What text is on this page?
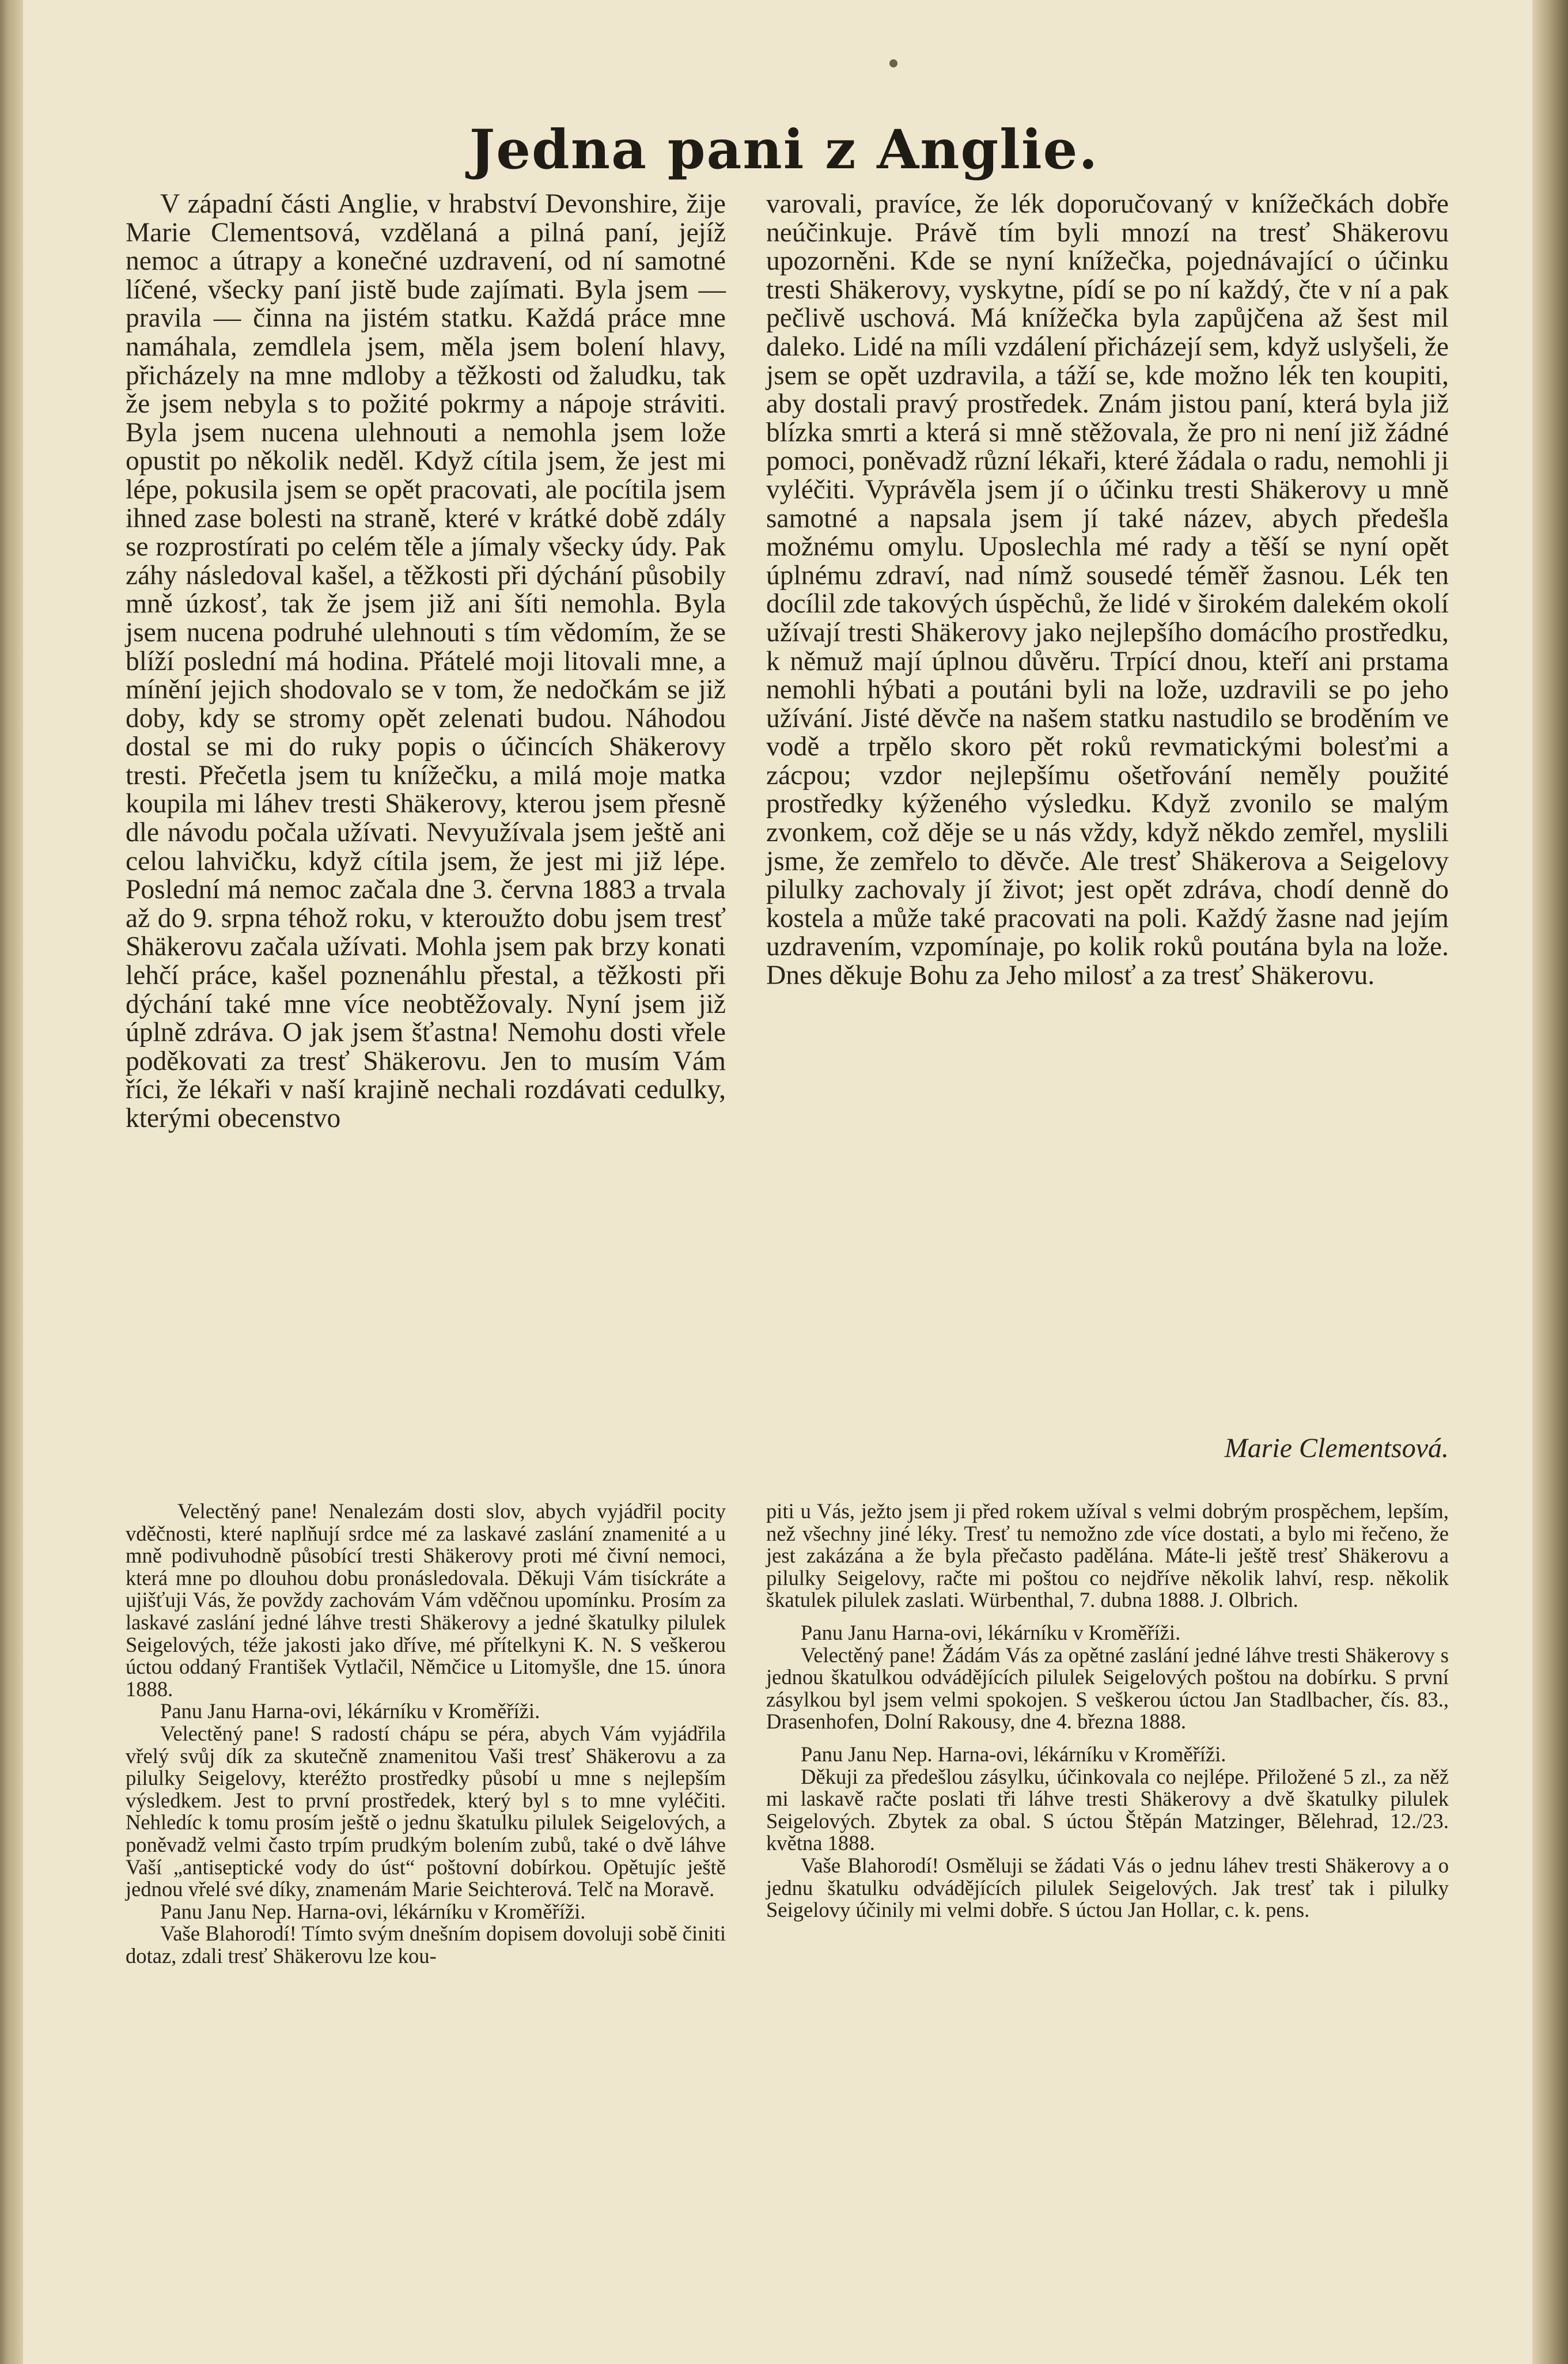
Jedna pani z Anglie.

V západní části Anglie, v hrabství Devonshire, žije Marie Clementsová, vzdělaná a pilná paní, jejíž nemoc a útrapy a konečné uzdravení, od ní samotné líčené, všecky paní jistě bude zajímati. Byla jsem — pravila — činna na jistém statku. Každá práce mne namáhala, zemdlela jsem, měla jsem bolení hlavy, přicházely na mne mdloby a těžkosti od žaludku, tak že jsem nebyla s to požité pokrmy a nápoje stráviti. Byla jsem nucena ulehnouti a nemohla jsem lože opustit po několik neděl. Když cítila jsem, že jest mi lépe, pokusila jsem se opět pracovati, ale pocítila jsem ihned zase bolesti na straně, které v krátké době zdály se rozprostírati po celém těle a jímaly všecky údy. Pak záhy následoval kašel, a těžkosti při dýchání působily mně úzkosť, tak že jsem již ani šíti nemohla. Byla jsem nucena podruhé ulehnouti s tím vědomím, že se blíží poslední má hodina. Přátelé moji litovali mne, a mínění jejich shodovalo se v tom, že nedočkám se již doby, kdy se stromy opět zelenati budou. Náhodou dostal se mi do ruky popis o účincích Shäkerovy tresti. Přečetla jsem tu knížečku, a milá moje matka koupila mi láhev tresti Shäkerovy, kterou jsem přesně dle návodu počala užívati. Nevyužívala jsem ještě ani celou lahvičku, když cítila jsem, že jest mi již lépe. Poslední má nemoc začala dne 3. června 1883 a trvala až do 9. srpna téhož roku, v kteroužto dobu jsem tresť Shäkerovu začala užívati. Mohla jsem pak brzy konati lehčí práce, kašel poznenáhlu přestal, a těžkosti při dýchání také mne více neobtěžovaly. Nyní jsem již úplně zdráva. O jak jsem šťastna! Nemohu dosti vřele poděkovati za tresť Shäkerovu. Jen to musím Vám říci, že lékaři v naší krajině nechali rozdávati cedulky, kterými obecenstvo

varovali, pravíce, že lék doporučovaný v knížečkách dobře neúčinkuje. Právě tím byli mnozí na tresť Shäkerovu upozorněni. Kde se nyní knížečka, pojednávající o účinku tresti Shäkerovy, vyskytne, pídí se po ní každý, čte v ní a pak pečlivě uschová. Má knížečka byla zapůjčena až šest mil daleko. Lidé na míli vzdálení přicházejí sem, když uslyšeli, že jsem se opět uzdravila, a táží se, kde možno lék ten koupiti, aby dostali pravý prostředek. Znám jistou paní, která byla již blízka smrti a která si mně stěžovala, že pro ni není již žádné pomoci, poněvadž různí lékaři, které žádala o radu, nemohli ji vyléčiti. Vyprávěla jsem jí o účinku tresti Shäkerovy u mně samotné a napsala jsem jí také název, abych předešla možnému omylu. Uposlechla mé rady a těší se nyní opět úplnému zdraví, nad nímž sousedé téměř žasnou. Lék ten docílil zde takových úspěchů, že lidé v širokém dalekém okolí užívají tresti Shäkerovy jako nejlepšího domácího prostředku, k němuž mají úplnou důvěru. Trpící dnou, kteří ani prstama nemohli hýbati a poutáni byli na lože, uzdravili se po jeho užívání. Jisté děvče na našem statku nastudilo se broděním ve vodě a trpělo skoro pět roků revmatickými bolesťmi a zácpou; vzdor nejlepšímu ošetřování neměly použité prostředky kýženého výsledku. Když zvonilo se malým zvonkem, což děje se u nás vždy, když někdo zemřel, myslili jsme, že zemřelo to děvče. Ale tresť Shäkerova a Seigelovy pilulky zachovaly jí život; jest opět zdráva, chodí denně do kostela a může také pracovati na poli. Každý žasne nad jejím uzdravením, vzpomínaje, po kolik roků poutána byla na lože. Dnes děkuje Bohu za Jeho milosť a za tresť Shäkerovu.

Marie Clementsová.

Velectěný pane! Nenalezám dosti slov, abych vyjádřil pocity vděčnosti, které naplňují srdce mé za laskavé zaslání znamenité a u mně podivuhodně působící tresti Shäkerovy proti mé čivní nemoci, která mne po dlouhou dobu pronásledovala. Děkuji Vám tisíckráte a ujišťuji Vás, že povždy zachovám Vám vděčnou upomínku. Prosím za laskavé zaslání jedné láhve tresti Shäkerovy a jedné škatulky pilulek Seigelových, téže jakosti jako dříve, mé přítelkyni K. N. S veškerou úctou oddaný František Vytlačil, Němčice u Litomyšle, dne 15. února 1888.

Panu Janu Harna-ovi, lékárníku v Kroměříži.

Velectěný pane! S radostí chápu se péra, abych Vám vyjádřila vřelý svůj dík za skutečně znamenitou Vaši tresť Shäkerovu a za pilulky Seigelovy, kteréžto prostředky působí u mne s nejlepším výsledkem. Jest to první prostředek, který byl s to mne vyléčiti. Nehledíc k tomu prosím ještě o jednu škatulku pilulek Seigelových, a poněvadž velmi často trpím prudkým bolením zubů, také o dvě láhve Vaší „antiseptické vody do úst“ poštovní dobírkou. Opětujíc ještě jednou vřelé své díky, znamenám Marie Seichterová. Telč na Moravě.

Panu Janu Nep. Harna-ovi, lékárníku v Kroměříži.

Vaše Blahorodí! Tímto svým dnešním dopisem dovoluji sobě činiti dotaz, zdali tresť Shäkerovu lze kou-

piti u Vás, ježto jsem ji před rokem užíval s velmi dobrým prospěchem, lepším, než všechny jiné léky. Tresť tu nemožno zde více dostati, a bylo mi řečeno, že jest zakázána a že byla přečasto padělána. Máte-li ještě tresť Shäkerovu a pilulky Seigelovy, račte mi poštou co nejdříve několik lahví, resp. několik škatulek pilulek zaslati. Würbenthal, 7. dubna 1888. J. Olbrich.

Panu Janu Harna-ovi, lékárníku v Kroměříži.

Velectěný pane! Žádám Vás za opětné zaslání jedné láhve tresti Shäkerovy s jednou škatulkou odvádějících pilulek Seigelových poštou na dobírku. S první zásylkou byl jsem velmi spokojen. S veškerou úctou Jan Stadlbacher, čís. 83., Drasenhofen, Dolní Rakousy, dne 4. března 1888.

Panu Janu Nep. Harna-ovi, lékárníku v Kroměříži.

Děkuji za předešlou zásylku, účinkovala co nejlépe. Přiložené 5 zl., za něž mi laskavě račte poslati tři láhve tresti Shäkerovy a dvě škatulky pilulek Seigelových. Zbytek za obal. S úctou Štěpán Matzinger, Bělehrad, 12./23. května 1888.

Vaše Blahorodí! Osměluji se žádati Vás o jednu láhev tresti Shäkerovy a o jednu škatulku odvádějících pilulek Seigelových. Jak tresť tak i pilulky Seigelovy účinily mi velmi dobře. S úctou Jan Hollar, c. k. pens.
